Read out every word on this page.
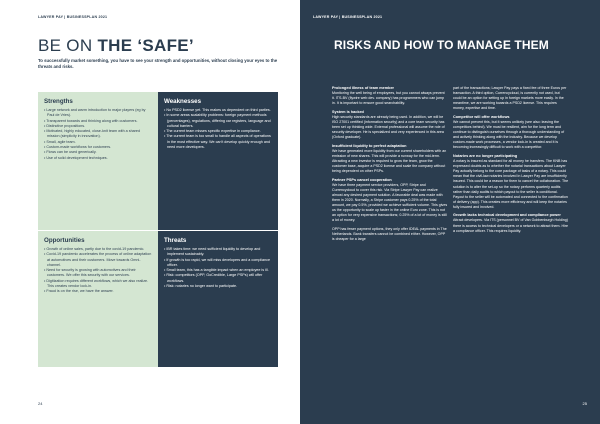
LAWYER PAY | BUSINESSPLAN 2021
BE ON THE ‘SAFE’

To successfully market something, you have to see your strength and opportunities, without closing your eyes to the threats and risks.

Strengths
• Large network and warm introduction to major players (eg by Paul de Vries).
• Transparent towards and thinking along with customers.
• Distinctive propositions.
• Motivated, highly educated, close-knit team with a shared mission (simplicity in innovation).
• Small, agile team.
• Custom-made workflows for customers.
• Flows can be used generically.
• Use of solid development techniques.
Weaknesses
• No PSD2 license yet. This makes us dependent on third parties.
• In some areas scalability problems: foreign payment methods (percentages), regulations, differing car registers, language and cultural barriers.
• The current team misses specific expertise in compliance.
• The current team is too small to handle all aspects of operations in the most effective way. We can't develop quickly enough and need more developers.
Opportunities
• Growth of online sales, partly due to the covid-19 pandemic.
• Covid-19 pandemic accelerates the process of online adaptation at automotives and their customers. Move towards Omni-channel.
• Need for security is growing with automotives and their customers. We offer this security with our services.
• Digitization requires different workflows, which we also realize. This creates vendor lock-in.
• Fraud is on the rise, we have the answer.
Threats
• IBR takes time: we need sufficient liquidity to develop and implement sustainably.
• If growth is too rapid, we will miss developers and a compliance officer.
• Small team, this has a tangible impact when an employee is ill.
• Risk: competitors (OPP, GoCredible, Large PSPs) will offer workflows.
• Risk: notaries no longer want to participate.
24
LAWYER PAY | BUSINESSPLAN 2021
RISKS AND HOW TO MANAGE THEM
Prolonged illness of team member

Monitoring the well being of employees, but you cannot always prevent it. ITS-BV (flywire web dev. company) has programmers who can jump in. It is important to ensure good searchability.

System is hacked

High security standards are already being used. In addition, we will be ISO 27001 certified (information security) and a core team security has been set up thinking wide. External professional will assume the role of security developer. He is specialized and very experienced in this area (Oxford graduate).

Insufficient liquidity to perfect adaptation

We have generated more liquidity from our current shareholders with an emission of new shares. This will provide a runway for the mid-term. Attracting a new investor is required to grow the team, grow the customer base, acquire a PSD2 license and scale the company without being dependent on other PSPs.

Partner PSPs cancel cooperation

We have three payment service providers, OPP, Stripe and Currencycloud to cover this risk. Via Stripe Lawyer Pay can realize almost any desired payment solution. A favorable deal was made with them in 2020. Normally, a Stripe customer pays 0.25% of the total amount, we pay 0.5%, provided we achieve sufficient volume. This gives us the opportunity to scale up faster in the online Euro zone. This is not an option for very expensive transactions; 0.25% of a lot of money is still a lot of money.

OPP has fewer payment options, they only offer IDEAL payments in The Netherlands. Bank transfers cannot be combined either. However, OPP is cheaper for a large

part of the transactions; Lawyer Pay pays a fixed fee of three Euros per transaction. A third option, Currencycloud, is currently not used, but could be an option for setting up in foreign markets more easily. In the meantime, we are working towards a PSD2 license. This requires money, expertise and time.

Competitor will offer workflows

We cannot prevent this, but it seems unlikely (see also: leaving the competitors behind). We must be resilient, aim for the long term and continue to distinguish ourselves through a thorough understanding of and actively thinking along with the industry. Because we develop custom-made work processes, a vendor lock-in is created and it is becoming increasingly difficult to work with a competitor.

Notaries are no longer participating

A notary is insured as standard for all money he transfers. The KNB has expressed doubts as to whether the notarial transactions about Lawyer Pay actually belong to the core package of tasks of a notary. This could mean that the civil-law notaries involved in Lawyer Pay are insufficiently insured. This could be a reason for them to cancel the collaboration. The solution is to alter the set-up so the notary performs quarterly audits rather than daily audits to which payout to the seller is conditional. Payout to the seller will be automated and connected to the confirmation of delivery (app). This creates more efficiency and will keep the notaries fully insured and involved.

Growth lacks technical development and compliance power

Attract developers. Via ITS (personnel BV of Van Gobbenburgh Holding) there is access to technical developers or a network to attract them. Hire a compliance officer. This requires liquidity.

25
